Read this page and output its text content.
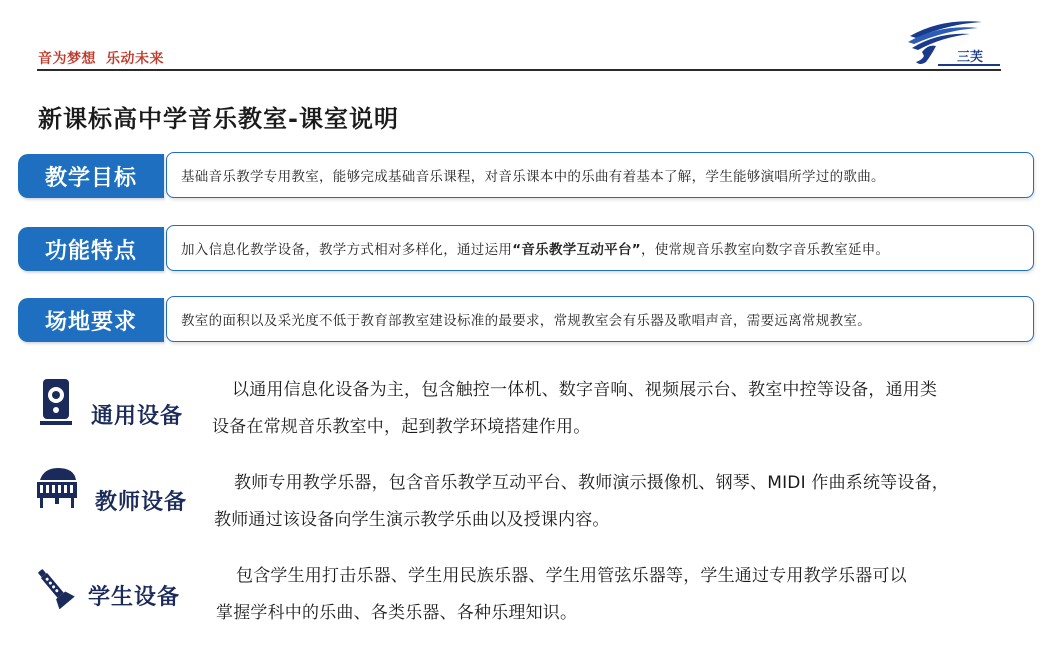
音为梦想 乐动未来	三芙
新课标高中学音乐教室-课室说明
教学目标	基础音乐教学专用教室，能够完成基础音乐课程，对音乐课本中的乐曲有着基本了解，学生能够演唱所学过的歌曲。
功能特点	加入信息化教学设备，教学方式相对多样化，通过运用 “音乐教学互动平台” ，使常规音乐教室向数字音乐教室延申。
场地要求	教室的面积以及采光度不低于教育部教室建设标准的最要求，常规教室会有乐器及歌唱声音，需要远离常规教室。
通用设备
以通用信息化设备为主，包含触控一体机、数字音响、视频展示台、教室中控等设备，通用类
设备在常规音乐教室中，起到教学环境搭建作用。
教师设备
教师专用教学乐器，包含音乐教学互动平台、教师演示摄像机、钢琴、MIDI 作曲系统等设备，
教师通过该设备向学生演示教学乐曲以及授课内容。
学生设备
包含学生用打击乐器、学生用民族乐器、学生用管弦乐器等，学生通过专用教学乐器可以
掌握学科中的乐曲、各类乐器、各种乐理知识。
